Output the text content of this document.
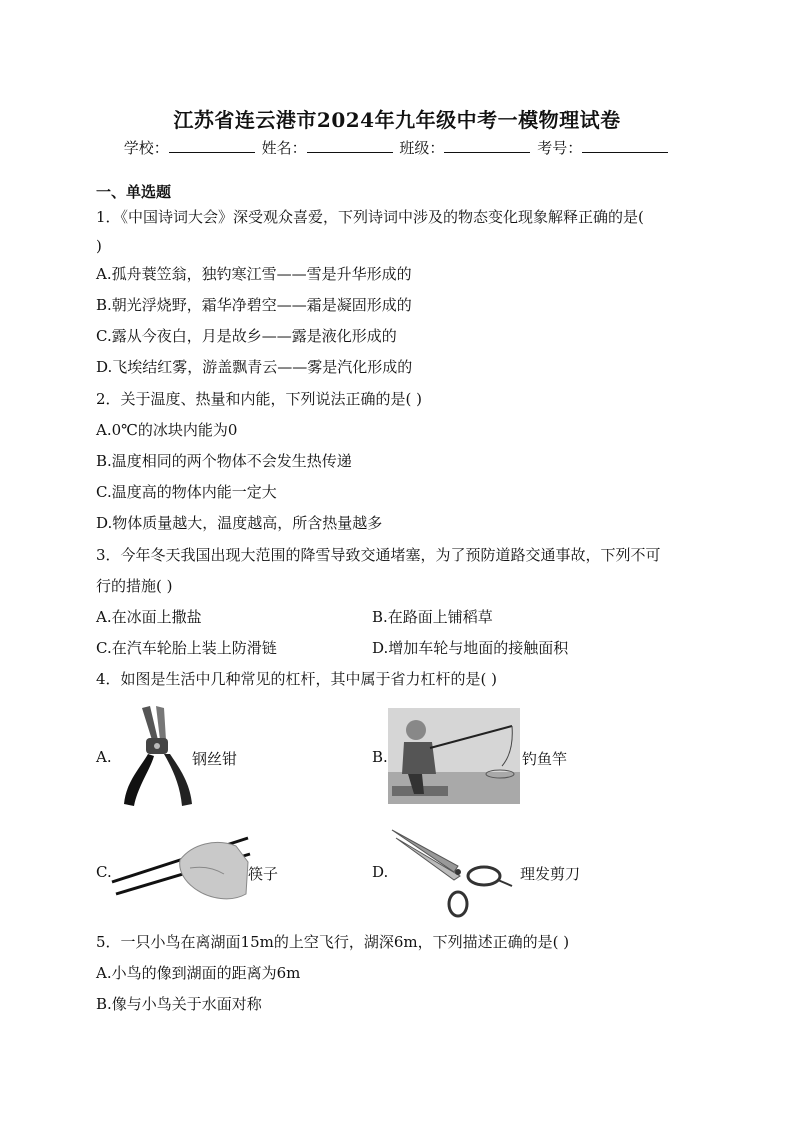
江苏省连云港市2024年九年级中考一模物理试卷
学校：	姓名：	班级：	考号：
一、单选题
1．《中国诗词大会》深受观众喜爱，下列诗词中涉及的物态变化现象解释正确的是(
)
A.孤舟蓑笠翁，独钓寒江雪——雪是升华形成的
B.朝光浮烧野，霜华净碧空——霜是凝固形成的
C.露从今夜白，月是故乡——露是液化形成的
D.飞埃结红雾，游盖飘青云——雾是汽化形成的
2．关于温度、热量和内能，下列说法正确的是( )
A.0℃的冰块内能为0
B.温度相同的两个物体不会发生热传递
C.温度高的物体内能一定大
D.物体质量越大，温度越高，所含热量越多
3．今年冬天我国出现大范围的降雪导致交通堵塞，为了预防道路交通事故，下列不可
行的措施( )
A.在冰面上撒盐	B.在路面上铺稻草
C.在汽车轮胎上装上防滑链	D.增加车轮与地面的接触面积
4．如图是生活中几种常见的杠杆，其中属于省力杠杆的是( )
A.	钢丝钳	B.	钓鱼竿
C.	筷子	D.	理发剪刀
5．一只小鸟在离湖面15m的上空飞行，湖深6m，下列描述正确的是( )
A.小鸟的像到湖面的距离为6m
B.像与小鸟关于水面对称
